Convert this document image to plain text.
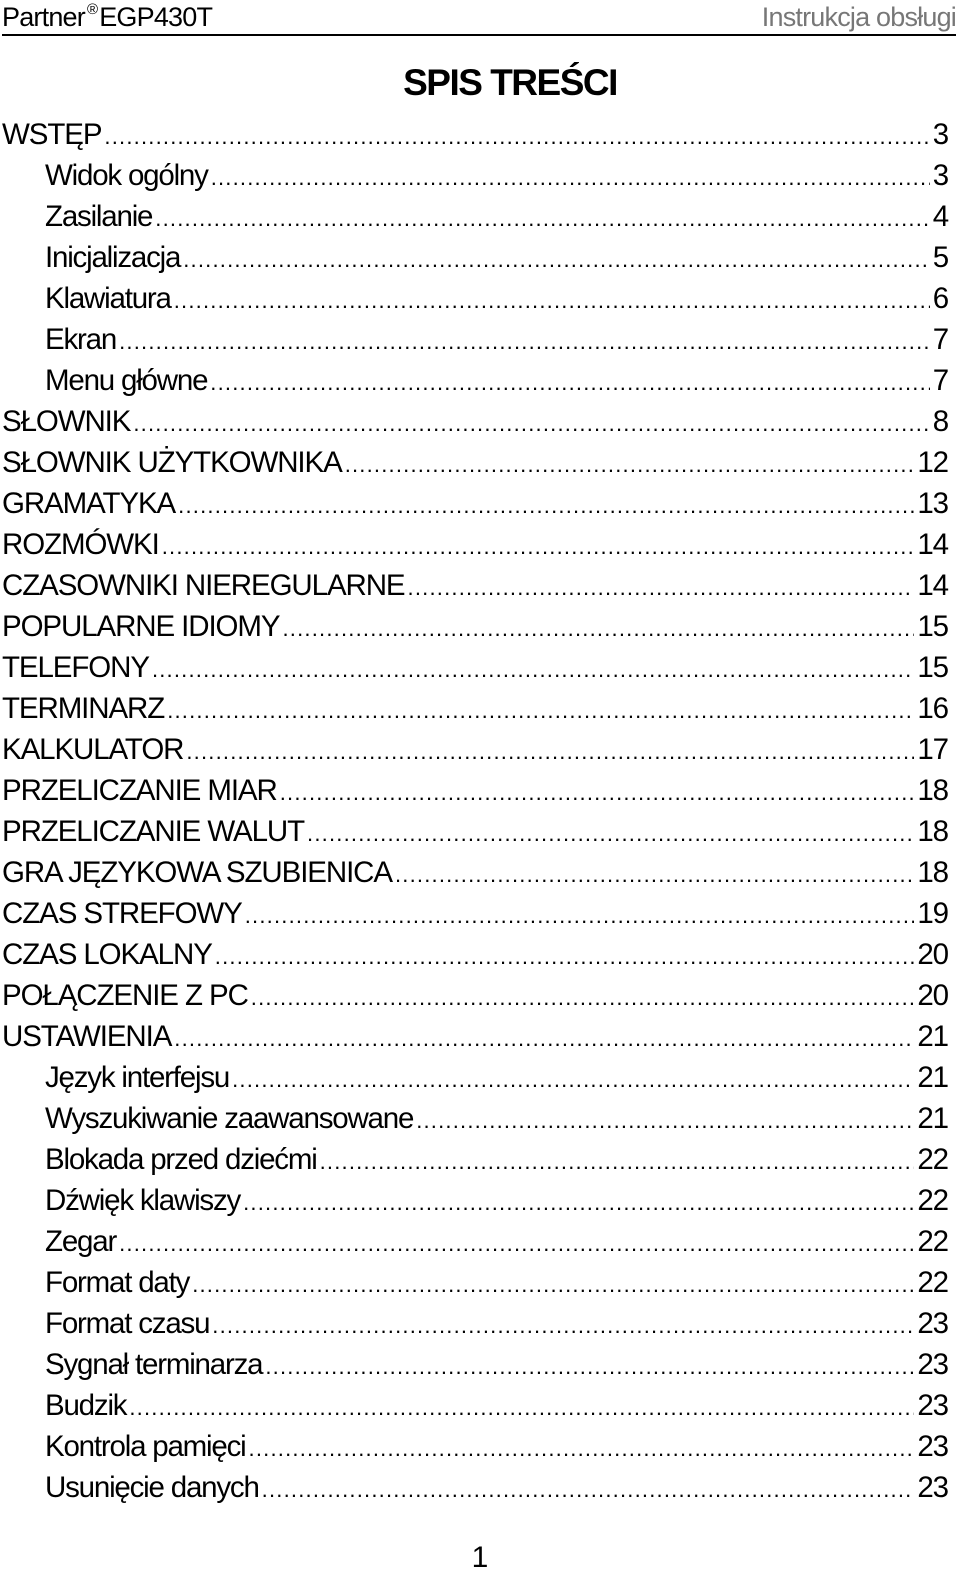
Partner ®EGP430T	Instrukcja obsługi
SPIS TREŚCI
WSTĘP .....	3
Widok ogólny .....	3
Zasilanie .....	4
Inicjalizacja .....	5
Klawiatura .....	6
Ekran .....	7
Menu główne .....	7
SŁOWNIK .....	8
SŁOWNIK UŻYTKOWNIKA .....	12
GRAMATYKA .....	13
ROZMÓWKI .....	14
CZASOWNIKI NIEREGULARNE .....	14
POPULARNE IDIOMY .....	15
TELEFONY .....	15
TERMINARZ .....	16
KALKULATOR .....	17
PRZELICZANIE MIAR .....	18
PRZELICZANIE WALUT .....	18
GRA JĘZYKOWA SZUBIENICA .....	18
CZAS STREFOWY .....	19
CZAS LOKALNY .....	20
POŁĄCZENIE Z PC .....	20
USTAWIENIA .....	21
Język interfejsu .....	21
Wyszukiwanie zaawansowane .....	21
Blokada przed dziećmi .....	22
Dźwięk klawiszy .....	22
Zegar .....	22
Format daty .....	22
Format czasu .....	23
Sygnał terminarza .....	23
Budzik .....	23
Kontrola pamięci .....	23
Usunięcie danych .....	23
1
